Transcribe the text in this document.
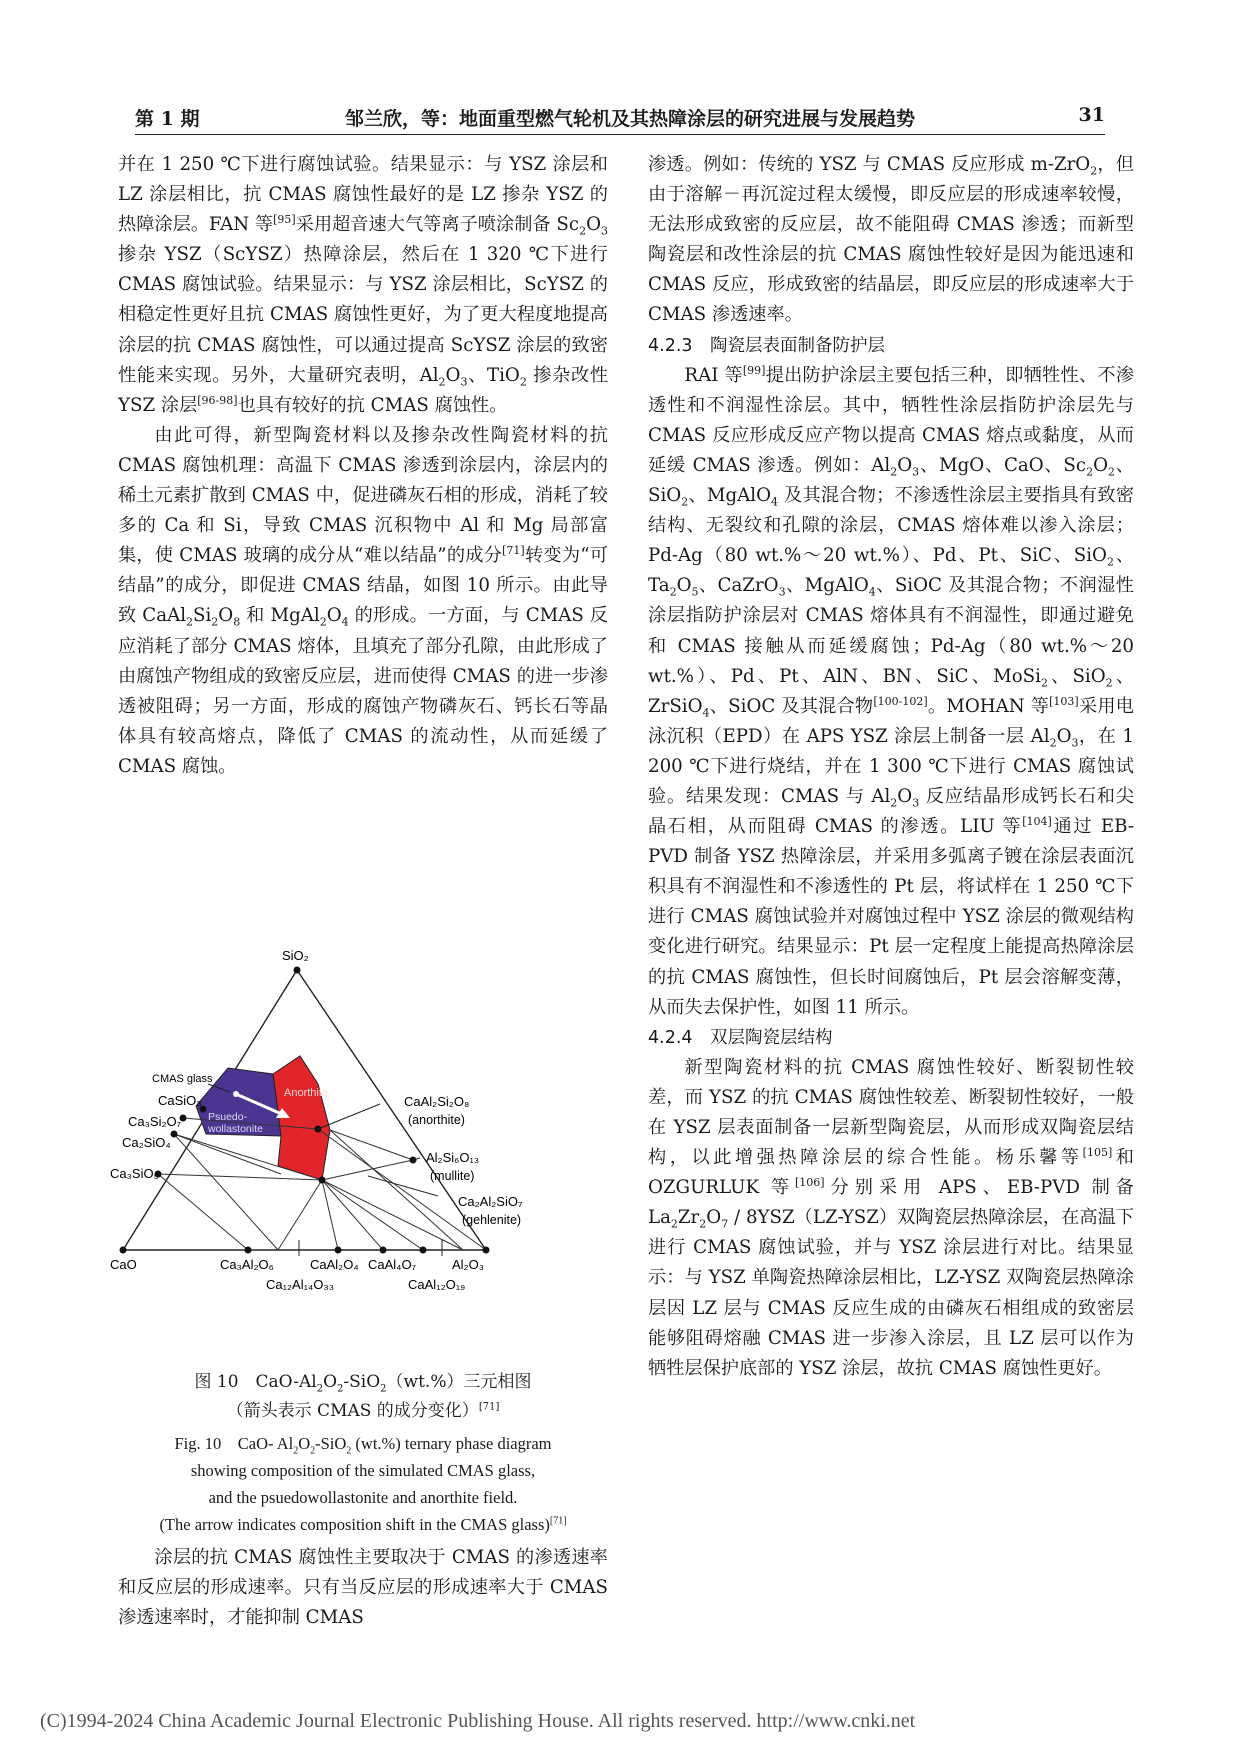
第 1 期	邹兰欣，等：地面重型燃气轮机及其热障涂层的研究进展与发展趋势	31

并在 1 250 ℃下进行腐蚀试验。结果显示：与 YSZ 涂层和 LZ 涂层相比，抗 CMAS 腐蚀性最好的是 LZ 掺杂 YSZ 的热障涂层。FAN 等[95]采用超音速大气等离子喷涂制备 $Sc_2O_3$ 掺杂 YSZ（ScYSZ）热障涂层，然后在 1 320 ℃下进行 CMAS 腐蚀试验。结果显示：与 YSZ 涂层相比，ScYSZ 的相稳定性更好且抗 CMAS 腐蚀性更好，为了更大程度地提高涂层的抗 CMAS 腐蚀性，可以通过提高 ScYSZ 涂层的致密性能来实现。另外，大量研究表明，$Al_2O_3$、TiO$_2$ 掺杂改性 YSZ 涂层[96-98]也具有较好的抗 CMAS 腐蚀性。

由此可得，新型陶瓷材料以及掺杂改性陶瓷材料的抗 CMAS 腐蚀机理：高温下 CMAS 渗透到涂层内，涂层内的稀土元素扩散到 CMAS 中，促进磷灰石相的形成，消耗了较多的 Ca 和 Si，导致 CMAS 沉积物中 Al 和 Mg 局部富集，使 CMAS 玻璃的成分从“难以结晶”的成分[71]转变为“可结晶”的成分，即促进 CMAS 结晶，如图 10 所示。由此导致 $CaAl_2Si_2O_8$ 和 $MgAl_2O_4$ 的形成。一方面，与 CMAS 反应消耗了部分 CMAS 熔体，且填充了部分孔隙，由此形成了由腐蚀产物组成的致密反应层，进而使得 CMAS 的进一步渗透被阻碍；另一方面，形成的腐蚀产物磷灰石、钙长石等晶体具有较高熔点，降低了 CMAS 的流动性，从而延缓了 CMAS 腐蚀。

SiO₂
CMAS glass
Anorthite
Psuedo-
wollastonite
CaSiO₃
Ca₃Si₂O₇
Ca₂SiO₄
Ca₃SiO₅
CaAl₂Si₂O₈
(anorthite)
Al₂Si₆O₁₃
(mullite)
Ca₂Al₂SiO₇
(gehlenite)
CaO	Ca₃Al₂O₆	CaAl₂O₄ CaAl₄O₇	Al₂O₃
Ca₁₂Al₁₄O₃₃	CaAl₁₂O₁₉
图 10　CaO-$Al_2O_2-SiO_2(wt.\%)$三元相图
（箭头表示 CMAS 的成分变化）[71]
Fig. 10　CaO- $Al_2O_2-SiO_2$ (wt.%) ternary phase diagram
showing composition of the simulated CMAS glass,
and the psuedowollastonite and anorthite field.
(The arrow indicates composition shift in the CMAS glass)[71]

涂层的抗 CMAS 腐蚀性主要取决于 CMAS 的渗透速率和反应层的形成速率。只有当反应层的形成速率大于 CMAS 渗透速率时，才能抑制 CMAS

渗透。例如：传统的 YSZ 与 CMAS 反应形成 m-ZrO$_2$，但由于溶解－再沉淀过程太缓慢，即反应层的形成速率较慢，无法形成致密的反应层，故不能阻碍 CMAS 渗透；而新型陶瓷层和改性涂层的抗 CMAS 腐蚀性较好是因为能迅速和 CMAS 反应，形成致密的结晶层，即反应层的形成速率大于 CMAS 渗透速率。

4.2.3　陶瓷层表面制备防护层

RAI 等[99]提出防护涂层主要包括三种，即牺牲性、不渗透性和不润湿性涂层。其中，牺牲性涂层指防护涂层先与 CMAS 反应形成反应产物以提高 CMAS 熔点或黏度，从而延缓 CMAS 渗透。例如：$Al_2O_3$、MgO、CaO、$Sc_2O_2$、SiO$_2$、MgAlO$_4$ 及其混合物；不渗透性涂层主要指具有致密结构、无裂纹和孔隙的涂层，CMAS 熔体难以渗入涂层；Pd-Ag（80 wt.%～20 wt.%）、Pd、Pt、SiC、SiO$_2$、$Ta_2O_5$、CaZrO$_3$、MgAlO$_4$、SiOC 及其混合物；不润湿性涂层指防护涂层对 CMAS 熔体具有不润湿性，即通过避免和 CMAS 接触从而延缓腐蚀；Pd-Ag（80 wt.%～20 wt.%）、Pd、Pt、AlN、BN、SiC、MoSi$_2$、SiO$_2$、ZrSiO$_4$、SiOC 及其混合物[100-102]。MOHAN 等[103]采用电泳沉积（EPD）在 APS YSZ 涂层上制备一层 $Al_2O_3$，在 1 200 ℃下进行烧结，并在 1 300 ℃下进行 CMAS 腐蚀试验。结果发现：CMAS 与 $Al_2O_3$ 反应结晶形成钙长石和尖晶石相，从而阻碍 CMAS 的渗透。LIU 等[104]通过 EB-PVD 制备 YSZ 热障涂层，并采用多弧离子镀在涂层表面沉积具有不润湿性和不渗透性的 Pt 层，将试样在 1 250 ℃下进行 CMAS 腐蚀试验并对腐蚀过程中 YSZ 涂层的微观结构变化进行研究。结果显示：Pt 层一定程度上能提高热障涂层的抗 CMAS 腐蚀性，但长时间腐蚀后，Pt 层会溶解变薄，从而失去保护性，如图 11 所示。

4.2.4　双层陶瓷层结构

新型陶瓷材料的抗 CMAS 腐蚀性较好、断裂韧性较差，而 YSZ 的抗 CMAS 腐蚀性较差、断裂韧性较好，一般在 YSZ 层表面制备一层新型陶瓷层，从而形成双陶瓷层结构，以此增强热障涂层的综合性能。杨乐馨等[105]和 OZGURLUK 等[106]分别采用 APS、EB-PVD 制备 $La_2Zr_2O_7 / 8YSZ(LZ-YSZ)$双陶瓷层热障涂层，在高温下进行 CMAS 腐蚀试验，并与 YSZ 涂层进行对比。结果显示：与 YSZ 单陶瓷热障涂层相比，LZ-YSZ 双陶瓷层热障涂层因 LZ 层与 CMAS 反应生成的由磷灰石相组成的致密层能够阻碍熔融 CMAS 进一步渗入涂层，且 LZ 层可以作为牺牲层保护底部的 YSZ 涂层，故抗 CMAS 腐蚀性更好。

(C)1994-2024 China Academic Journal Electronic Publishing House. All rights reserved. http://www.cnki.net
